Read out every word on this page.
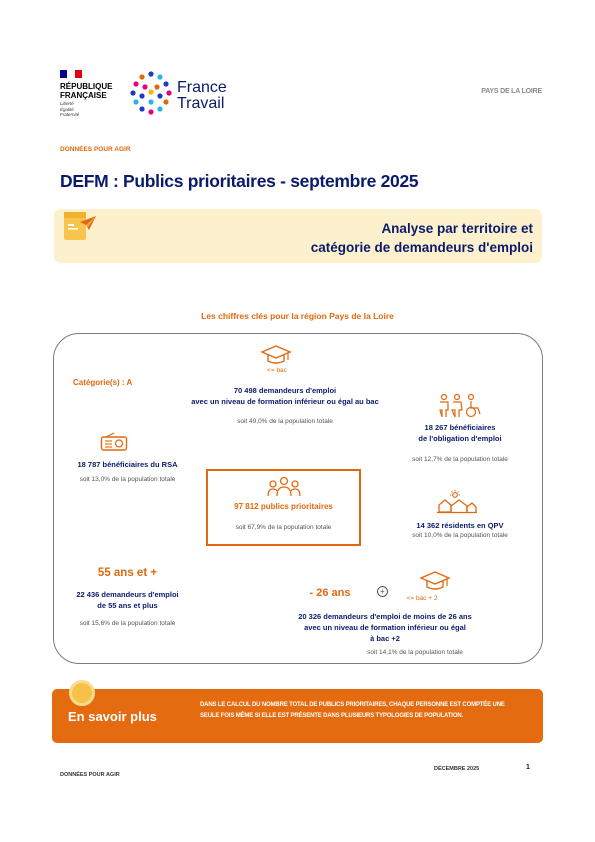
RÉPUBLIQUE
FRANÇAISE
Liberté
Égalité
Fraternité
France
Travail
PAYS DE LA LOIRE
DONNÉES POUR AGIR
DEFM : Publics prioritaires - septembre 2025
Analyse par territoire et
catégorie de demandeurs d'emploi
Les chiffres clés pour la région Pays de la Loire
Catégorie(s) : A
<= bac
70 498 demandeurs d'emploi
avec un niveau de formation inférieur ou égal au bac
soit 49,0% de la population totale
18 267 bénéficiaires
de l'obligation d'emploi
soit 12,7% de la population totale
18 787 bénéficiaires du RSA
soit 13,0% de la population totale
97 812 publics prioritaires
soit 67,9% de la population totale	14 362 résidents en QPV
soit 10,0% de la population totale
55 ans et +
22 436 demandeurs d'emploi
de 55 ans et plus
soit 15,6% de la population totale
- 26 ans	+
<= bac + 2
20 326 demandeurs d'emploi de moins de 26 ans
avec un niveau de formation inférieur ou égal
à bac +2
soit 14,1% de la population totale
En savoir plus
DANS LE CALCUL DU NOMBRE TOTAL DE PUBLICS PRIORITAIRES, CHAQUE PERSONNE EST COMPTÉE UNE SEULE FOIS MÊME SI ELLE EST PRÉSENTE DANS PLUSIEURS TYPOLOGIES DE POPULATION.
DONNÉES POUR AGIR
DÉCEMBRE 2025	1
